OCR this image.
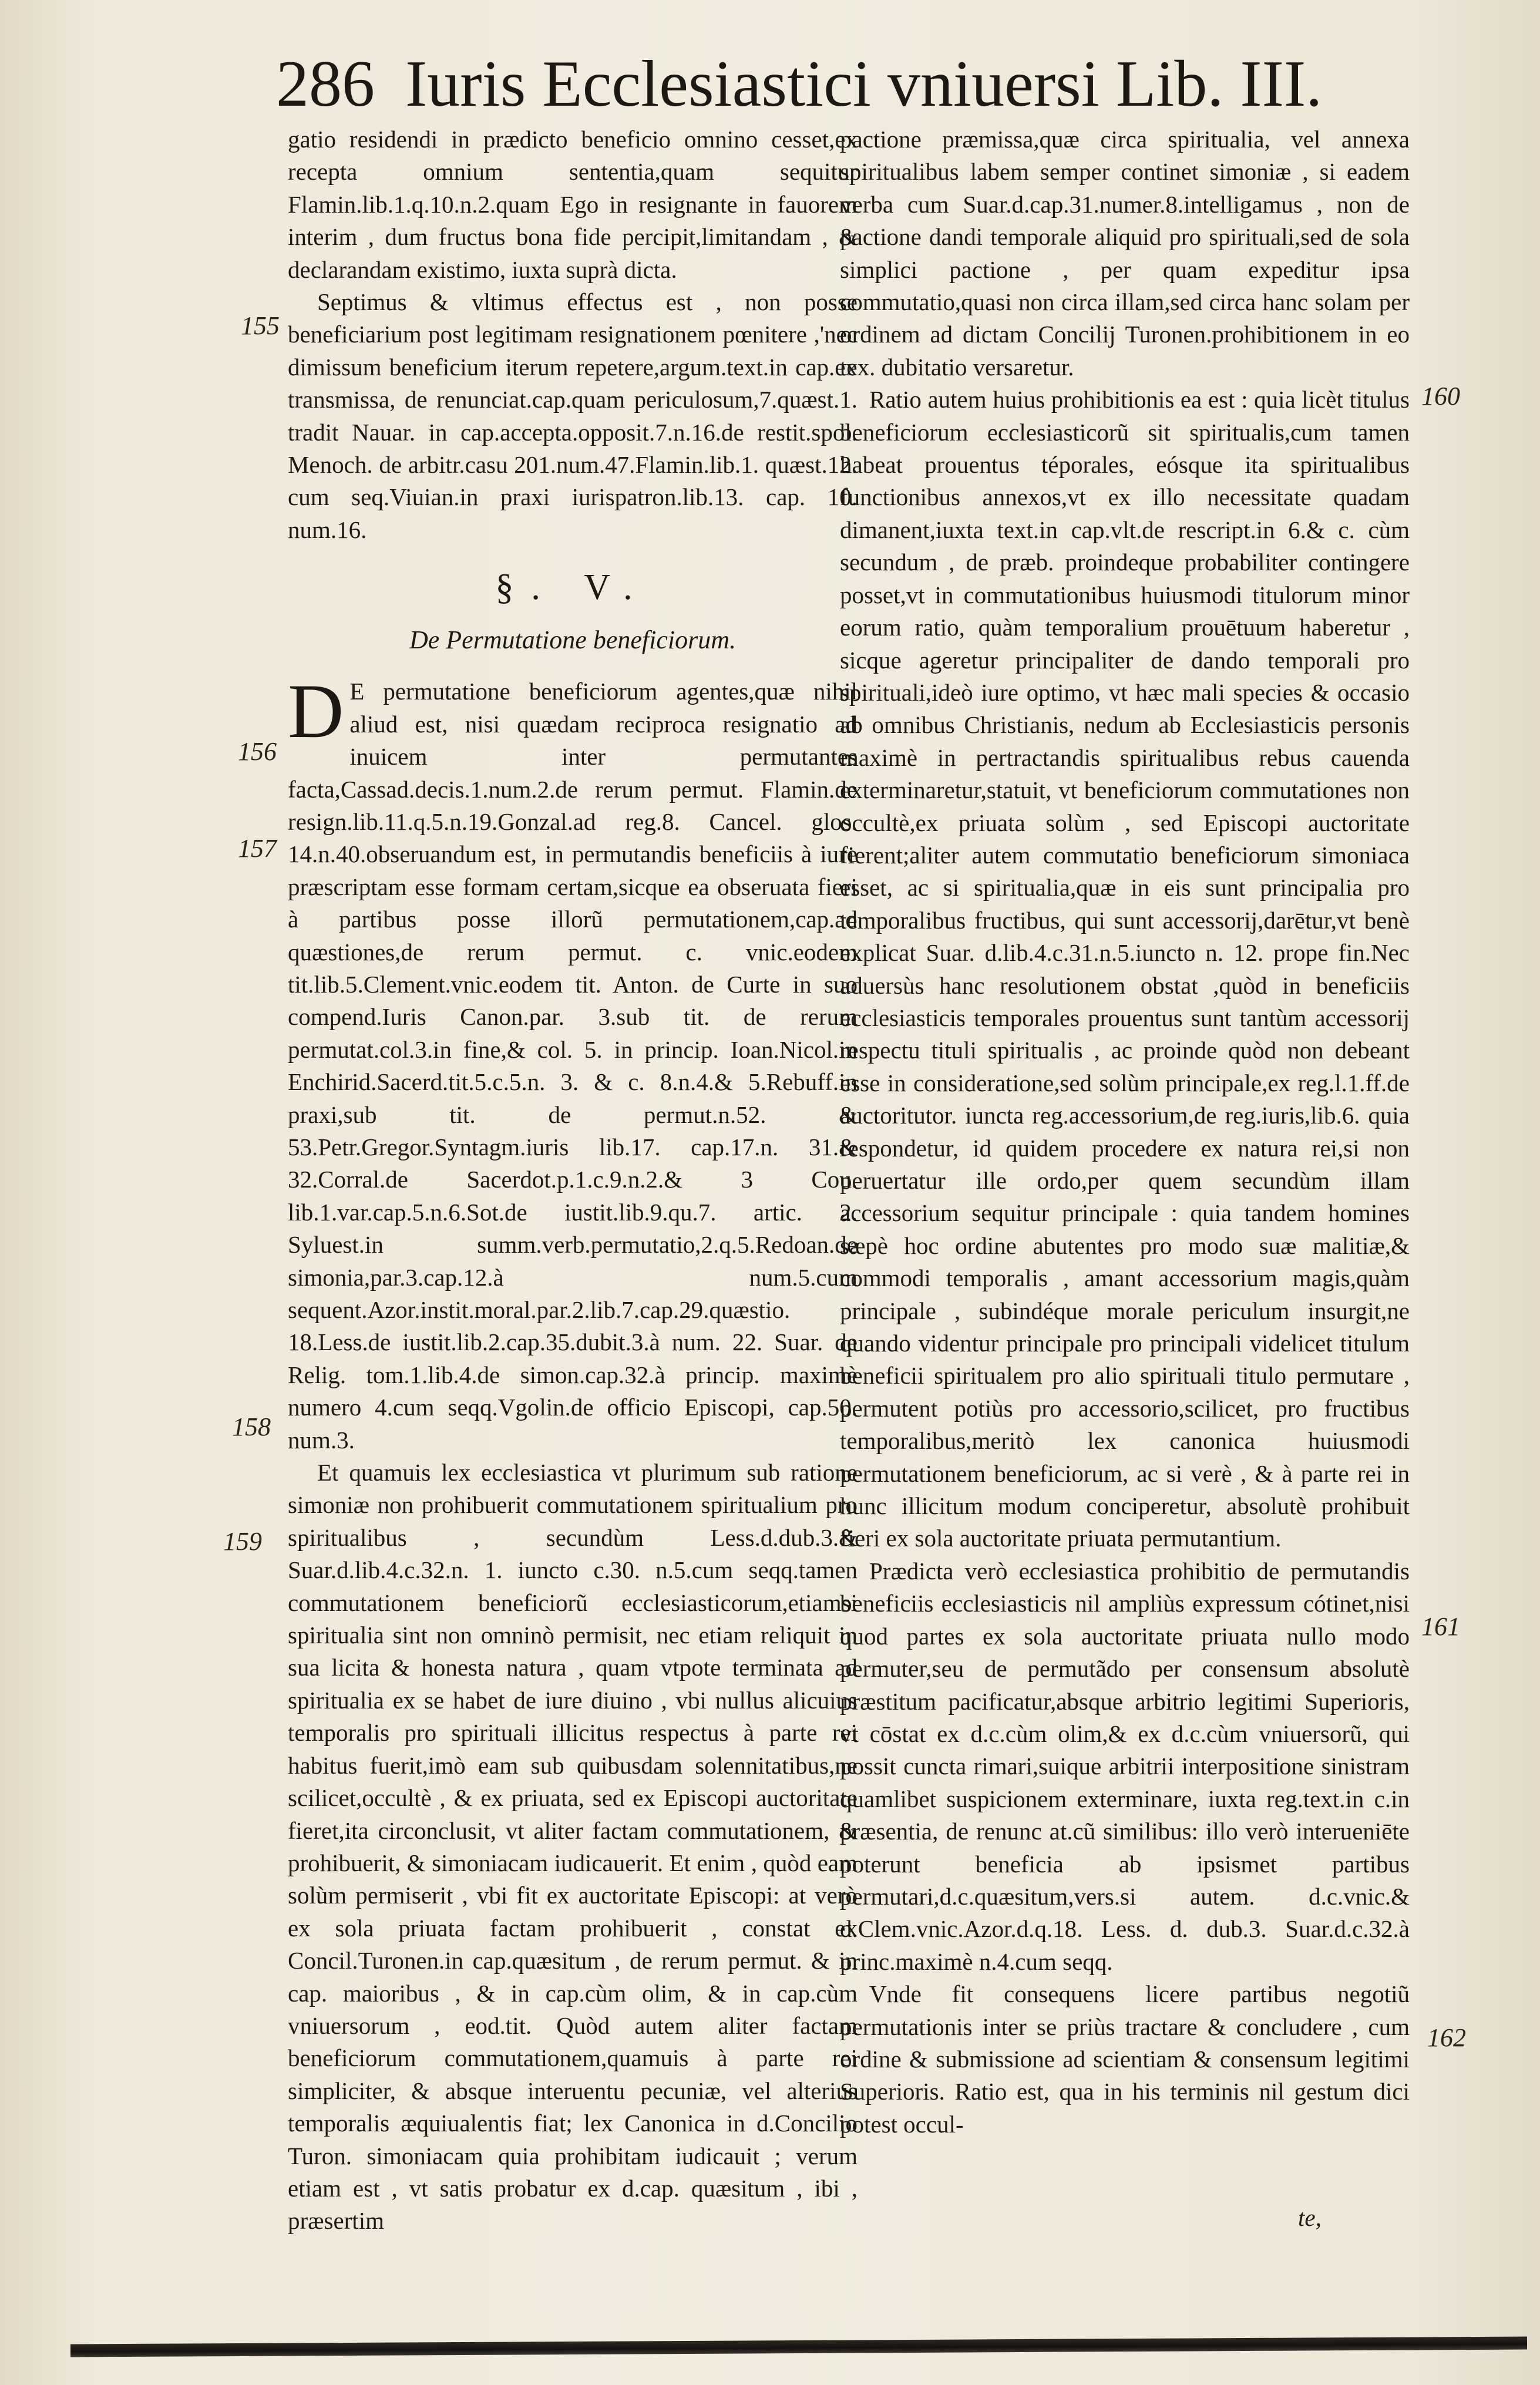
286 Iuris Ecclesiastici vniuersi Lib. III.

gatio residendi in prædicto beneficio omnino cesset,ex recepta omnium sententia,quam sequitur Flamin.lib.1.q.10.n.2.quam Ego in resignante in fauorem interim , dum fructus bona fide percipit,limitandam , & declarandam existimo, iuxta suprà dicta.

Septimus & vltimus effectus est , non posse beneficiarium post legitimam resignationem pœnitere ,'nec dimissum beneficium iterum repetere,argum.text.in cap.ex transmissa, de renunciat.cap.quam periculosum,7.quæst.1. tradit Nauar. in cap.accepta.opposit.7.n.16.de restit.spol. Menoch. de arbitr.casu 201.num.47.Flamin.lib.1. quæst.12. cum seq.Viuian.in praxi iurispatron.lib.13. cap. 10. num.16.

§. V.
De Permutatione beneficiorum.

D E permutatione beneficiorum agentes,quæ nihil aliud est, nisi quædam reciproca resignatio ad inuicem inter permutantes facta,Cassad.decis.1.num.2.de rerum permut. Flamin.de resign.lib.11.q.5.n.19.Gonzal.ad reg.8. Cancel. glos. 14.n.40.obseruandum est, in permutandis beneficiis à iure præscriptam esse formam certam,sicque ea obseruata fieri à partibus posse illorũ permutationem,cap.ad quæstiones,de rerum permut. c. vnic.eodem tit.lib.5.Clement.vnic.eodem tit. Anton. de Curte in suo compend.Iuris Canon.par. 3.sub tit. de rerum permutat.col.3.in fine,& col. 5. in princip. Ioan.Nicol.in Enchirid.Sacerd.tit.5.c.5.n. 3. & c. 8.n.4.& 5.Rebuff.in praxi,sub tit. de permut.n.52. & 53.Petr.Gregor.Syntagm.iuris lib.17. cap.17.n. 31.& 32.Corral.de Sacerdot.p.1.c.9.n.2.& 3 Cou. lib.1.var.cap.5.n.6.Sot.de iustit.lib.9.qu.7. artic. 2. Syluest.in summ.verb.permutatio,2.q.5.Redoan.de simonia,par.3.cap.12.à num.5.cum sequent.Azor.instit.moral.par.2.lib.7.cap.29.quæstio. 18.Less.de iustit.lib.2.cap.35.dubit.3.à num. 22. Suar. de Relig. tom.1.lib.4.de simon.cap.32.à princip. maximè numero 4.cum seqq.Vgolin.de officio Episcopi, cap.50. num.3.

Et quamuis lex ecclesiastica vt plurimum sub ratione simoniæ non prohibuerit commutationem spiritualium pro spiritualibus , secundùm Less.d.dub.3.& Suar.d.lib.4.c.32.n. 1. iuncto c.30. n.5.cum seqq.tamen commutationem beneficiorũ ecclesiasticorum,etiamsi spiritualia sint non omninò permisit, nec etiam reliquit in sua licita & honesta natura , quam vtpote terminata ad spiritualia ex se habet de iure diuino , vbi nullus alicuius temporalis pro spirituali illicitus respectus à parte rei habitus fuerit,imò eam sub quibusdam solennitatibus,ne scilicet,occultè , & ex priuata, sed ex Episcopi auctoritate fieret,ita circonclusit, vt aliter factam commutationem, & prohibuerit, & simoniacam iudicauerit. Et enim , quòd eam solùm permiserit , vbi fit ex auctoritate Episcopi: at verò ex sola priuata factam prohibuerit , constat ex Concil.Turonen.in cap.quæsitum , de rerum permut. & in cap. maioribus , & in cap.cùm olim, & in cap.cùm vniuersorum , eod.tit. Quòd autem aliter factam beneficiorum commutationem,quamuis à parte rei simpliciter, & absque interuentu pecuniæ, vel alterius temporalis æquiualentis fiat; lex Canonica in d.Concilio Turon. simoniacam quia prohibitam iudicauit ; verum etiam est , vt satis probatur ex d.cap. quæsitum , ibi , præsertim

pactione præmissa,quæ circa spiritualia, vel annexa spiritualibus labem semper continet simoniæ , si eadem verba cum Suar.d.cap.31.numer.8.intelligamus , non de pactione dandi temporale aliquid pro spirituali,sed de sola simplici pactione , per quam expeditur ipsa commutatio,quasi non circa illam,sed circa hanc solam per ordinem ad dictam Concilij Turonen.prohibitionem in eo tex. dubitatio versaretur.

Ratio autem huius prohibitionis ea est : quia licèt titulus beneficiorum ecclesiasticorũ sit spiritualis,cum tamen habeat prouentus téporales, eósque ita spiritualibus functionibus annexos,vt ex illo necessitate quadam dimanent,iuxta text.in cap.vlt.de rescript.in 6.& c. cùm secundum , de præb. proindeque probabiliter contingere posset,vt in commutationibus huiusmodi titulorum minor eorum ratio, quàm temporalium prouētuum haberetur , sicque ageretur principaliter de dando temporali pro spirituali,ideò iure optimo, vt hæc mali species & occasio ab omnibus Christianis, nedum ab Ecclesiasticis personis maximè in pertractandis spiritualibus rebus cauenda exterminaretur,statuit, vt beneficiorum commutationes non occultè,ex priuata solùm , sed Episcopi auctoritate fierent;aliter autem commutatio beneficiorum simoniaca esset, ac si spiritualia,quæ in eis sunt principalia pro temporalibus fructibus, qui sunt accessorij,darētur,vt benè explicat Suar. d.lib.4.c.31.n.5.iuncto n. 12. prope fin.Nec aduersùs hanc resolutionem obstat ,quòd in beneficiis ecclesiasticis temporales prouentus sunt tantùm accessorij respectu tituli spiritualis , ac proinde quòd non debeant esse in consideratione,sed solùm principale,ex reg.l.1.ff.de auctoritutor. iuncta reg.accessorium,de reg.iuris,lib.6. quia respondetur, id quidem procedere ex natura rei,si non peruertatur ille ordo,per quem secundùm illam accessorium sequitur principale : quia tandem homines sæpè hoc ordine abutentes pro modo suæ malitiæ,& commodi temporalis , amant accessorium magis,quàm principale , subindéque morale periculum insurgit,ne quando videntur principale pro principali videlicet titulum beneficii spiritualem pro alio spirituali titulo permutare , permutent potiùs pro accessorio,scilicet, pro fructibus temporalibus,meritò lex canonica huiusmodi permutationem beneficiorum, ac si verè , & à parte rei in hunc illicitum modum conciperetur, absolutè prohibuit fieri ex sola auctoritate priuata permutantium.

Prædicta verò ecclesiastica prohibitio de permutandis beneficiis ecclesiasticis nil ampliùs expressum cótinet,nisi quod partes ex sola auctoritate priuata nullo modo permuter,seu de permutãdo per consensum absolutè præstitum pacificatur,absque arbitrio legitimi Superioris, vt cōstat ex d.c.cùm olim,& ex d.c.cùm vniuersorũ, qui possit cuncta rimari,suique arbitrii interpositione sinistram quamlibet suspicionem exterminare, iuxta reg.text.in c.in præsentia, de renunc at.cũ similibus: illo verò interueniēte poterunt beneficia ab ipsismet partibus permutari,d.c.quæsitum,vers.si autem. d.c.vnic.& d.Clem.vnic.Azor.d.q.18. Less. d. dub.3. Suar.d.c.32.à princ.maximè n.4.cum seqq.

Vnde fit consequens licere partibus negotiũ permutationis inter se priùs tractare & concludere , cum ordine & submissione ad scientiam & consensum legitimi Superioris. Ratio est, qua in his terminis nil gestum dici potest occul-

te,
155
156
157
158
159
160
161
162
